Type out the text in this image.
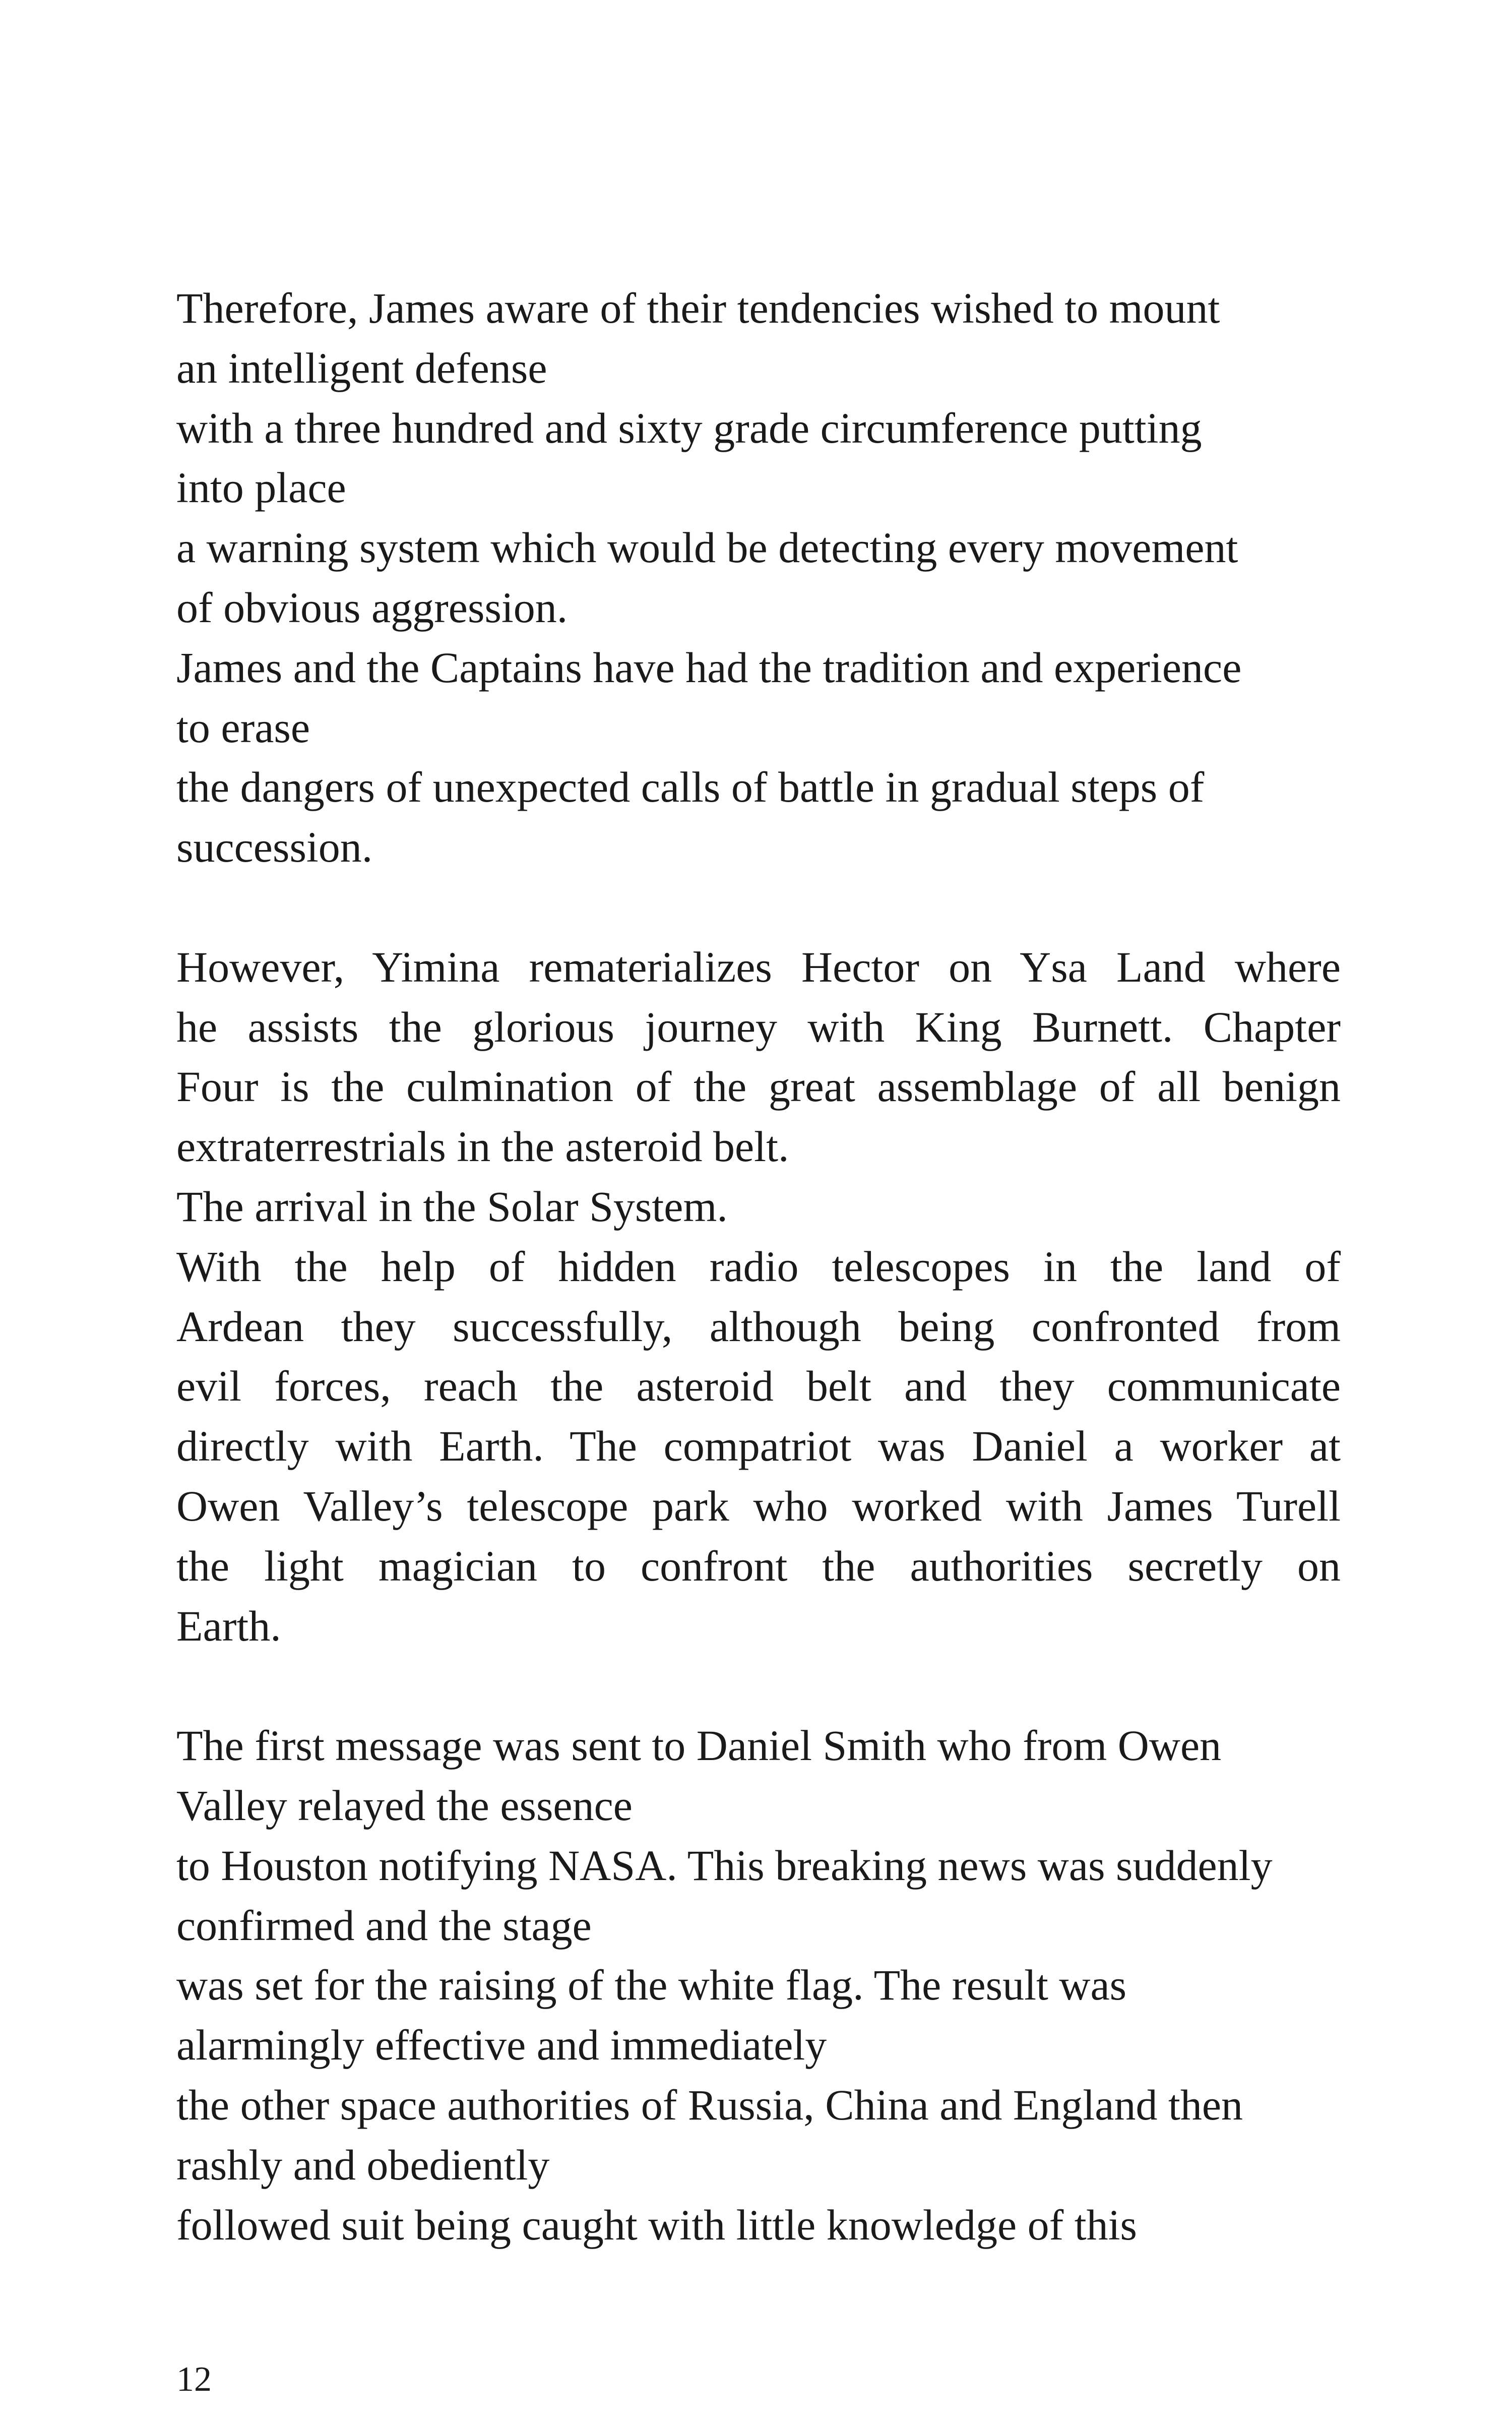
Therefore, James aware of their tendencies wished to mount
an intelligent defense
with a three hundred and sixty grade circumference putting
into place
a warning system which would be detecting every movement
of obvious aggression.
James and the Captains have had the tradition and experience
to erase
the dangers of unexpected calls of battle in gradual steps of
succession.
However, Yimina rematerializes Hector on Ysa Land where
he assists the glorious journey with King Burnett. Chapter
Four is the culmination of the great assemblage of all benign
extraterrestrials in the asteroid belt.
The arrival in the Solar System.
With the help of hidden radio telescopes in the land of
Ardean they successfully, although being confronted from
evil forces, reach the asteroid belt and they communicate
directly with Earth. The compatriot was Daniel a worker at
Owen Valley’s telescope park who worked with James Turell
the light magician to confront the authorities secretly on
Earth.
The first message was sent to Daniel Smith who from Owen
Valley relayed the essence
to Houston notifying NASA. This breaking news was suddenly
confirmed and the stage
was set for the raising of the white flag. The result was
alarmingly effective and immediately
the other space authorities of Russia, China and England then
rashly and obediently
followed suit being caught with little knowledge of this
12
